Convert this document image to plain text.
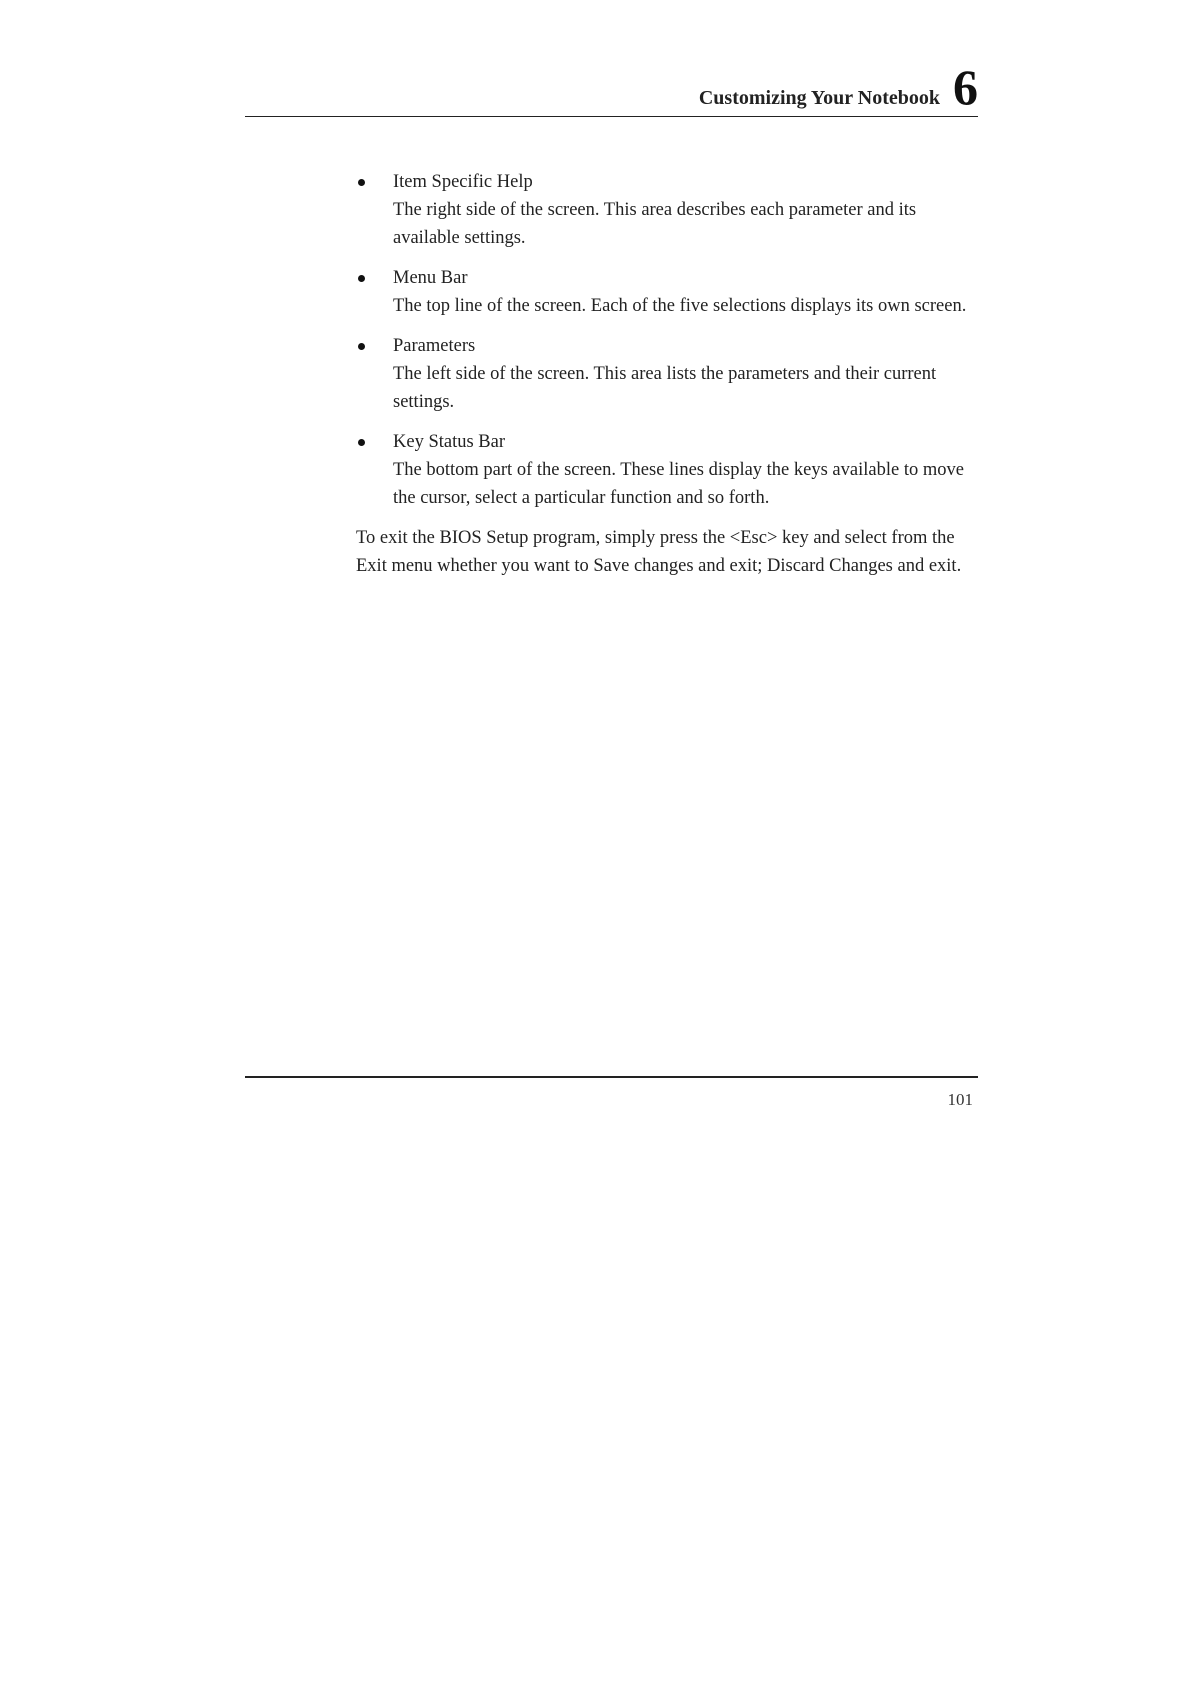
Customizing Your Notebook 6
Item Specific Help
The right side of the screen. This area describes each parameter and its available settings.
Menu Bar
The top line of the screen. Each of the five selections displays its own screen.
Parameters
The left side of the screen. This area lists the parameters and their current settings.
Key Status Bar
The bottom part of the screen. These lines display the keys available to move the cursor, select a particular function and so forth.

To exit the BIOS Setup program, simply press the <Esc> key and select from the Exit menu whether you want to Save changes and exit; Discard Changes and exit.

101
